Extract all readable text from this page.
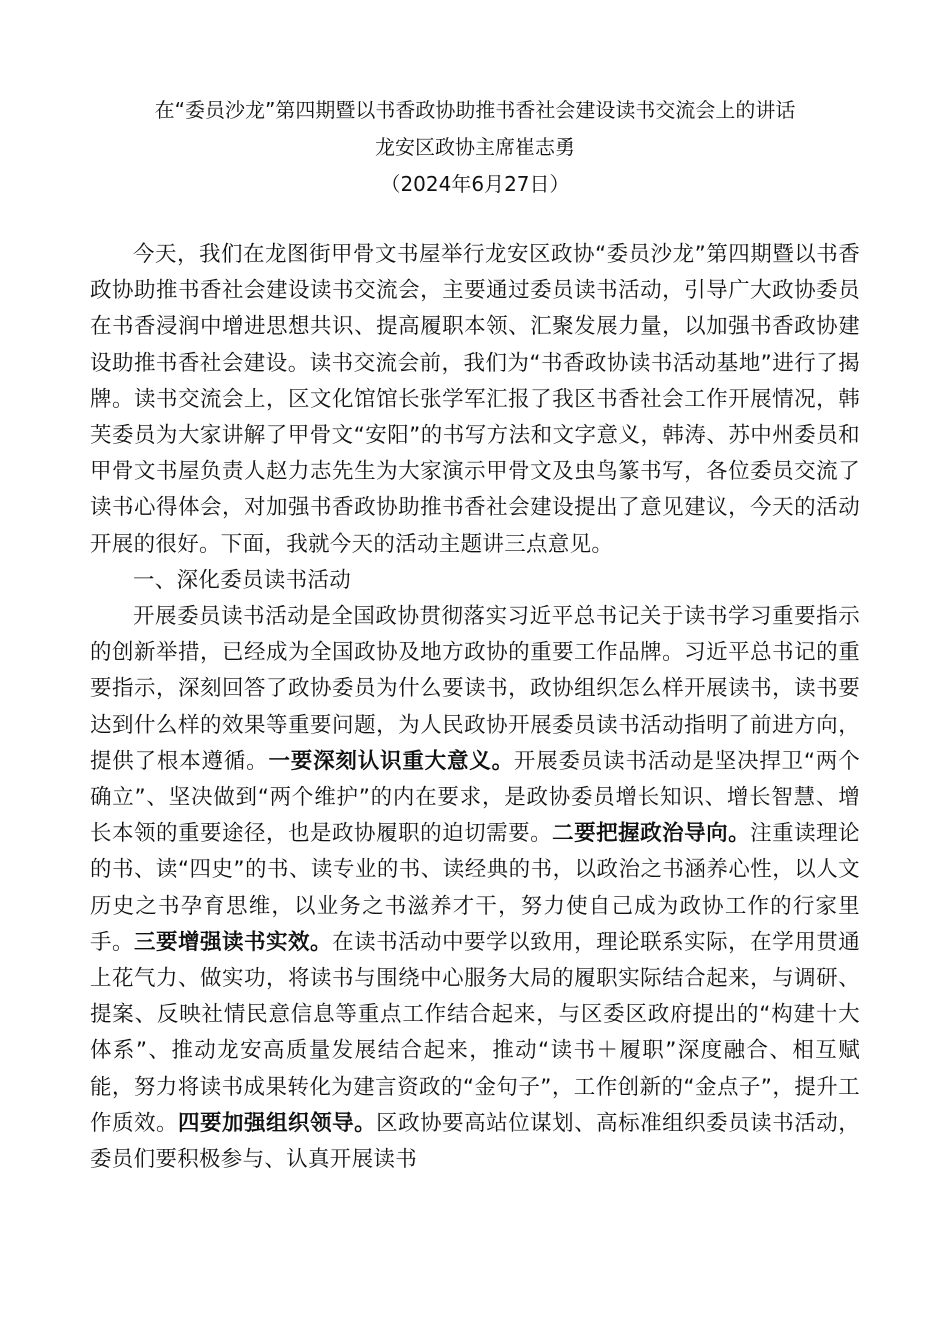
在“委员沙龙”第四期暨以书香政协助推书香社会建设读书交流会上的讲话
龙安区政协主席崔志勇
（2024年6月27日）

今天，我们在龙图街甲骨文书屋举行龙安区政协“委员沙龙”第四期暨以书香政协助推书香社会建设读书交流会，主要通过委员读书活动，引导广大政协委员在书香浸润中增进思想共识、提高履职本领、汇聚发展力量，以加强书香政协建设助推书香社会建设。读书交流会前，我们为“书香政协读书活动基地”进行了揭牌。读书交流会上，区文化馆馆长张学军汇报了我区书香社会工作开展情况，韩芙委员为大家讲解了甲骨文“安阳”的书写方法和文字意义，韩涛、苏中州委员和甲骨文书屋负责人赵力志先生为大家演示甲骨文及虫鸟篆书写，各位委员交流了读书心得体会，对加强书香政协助推书香社会建设提出了意见建议，今天的活动开展的很好。下面，我就今天的活动主题讲三点意见。

一、深化委员读书活动

开展委员读书活动是全国政协贯彻落实习近平总书记关于读书学习重要指示的创新举措，已经成为全国政协及地方政协的重要工作品牌。习近平总书记的重要指示，深刻回答了政协委员为什么要读书，政协组织怎么样开展读书，读书要达到什么样的效果等重要问题，为人民政协开展委员读书活动指明了前进方向，提供了根本遵循。一要深刻认识重大意义。开展委员读书活动是坚决捍卫“两个确立”、坚决做到“两个维护”的内在要求，是政协委员增长知识、增长智慧、增长本领的重要途径，也是政协履职的迫切需要。二要把握政治导向。注重读理论的书、读“四史”的书、读专业的书、读经典的书，以政治之书涵养心性，以人文历史之书孕育思维，以业务之书滋养才干，努力使自己成为政协工作的行家里手。三要增强读书实效。在读书活动中要学以致用，理论联系实际，在学用贯通上花气力、做实功，将读书与围绕中心服务大局的履职实际结合起来，与调研、提案、反映社情民意信息等重点工作结合起来，与区委区政府提出的“构建十大体系”、推动龙安高质量发展结合起来，推动“读书＋履职”深度融合、相互赋能，努力将读书成果转化为建言资政的“金句子”，工作创新的“金点子”，提升工作质效。四要加强组织领导。区政协要高站位谋划、高标准组织委员读书活动，委员们要积极参与、认真开展读书
